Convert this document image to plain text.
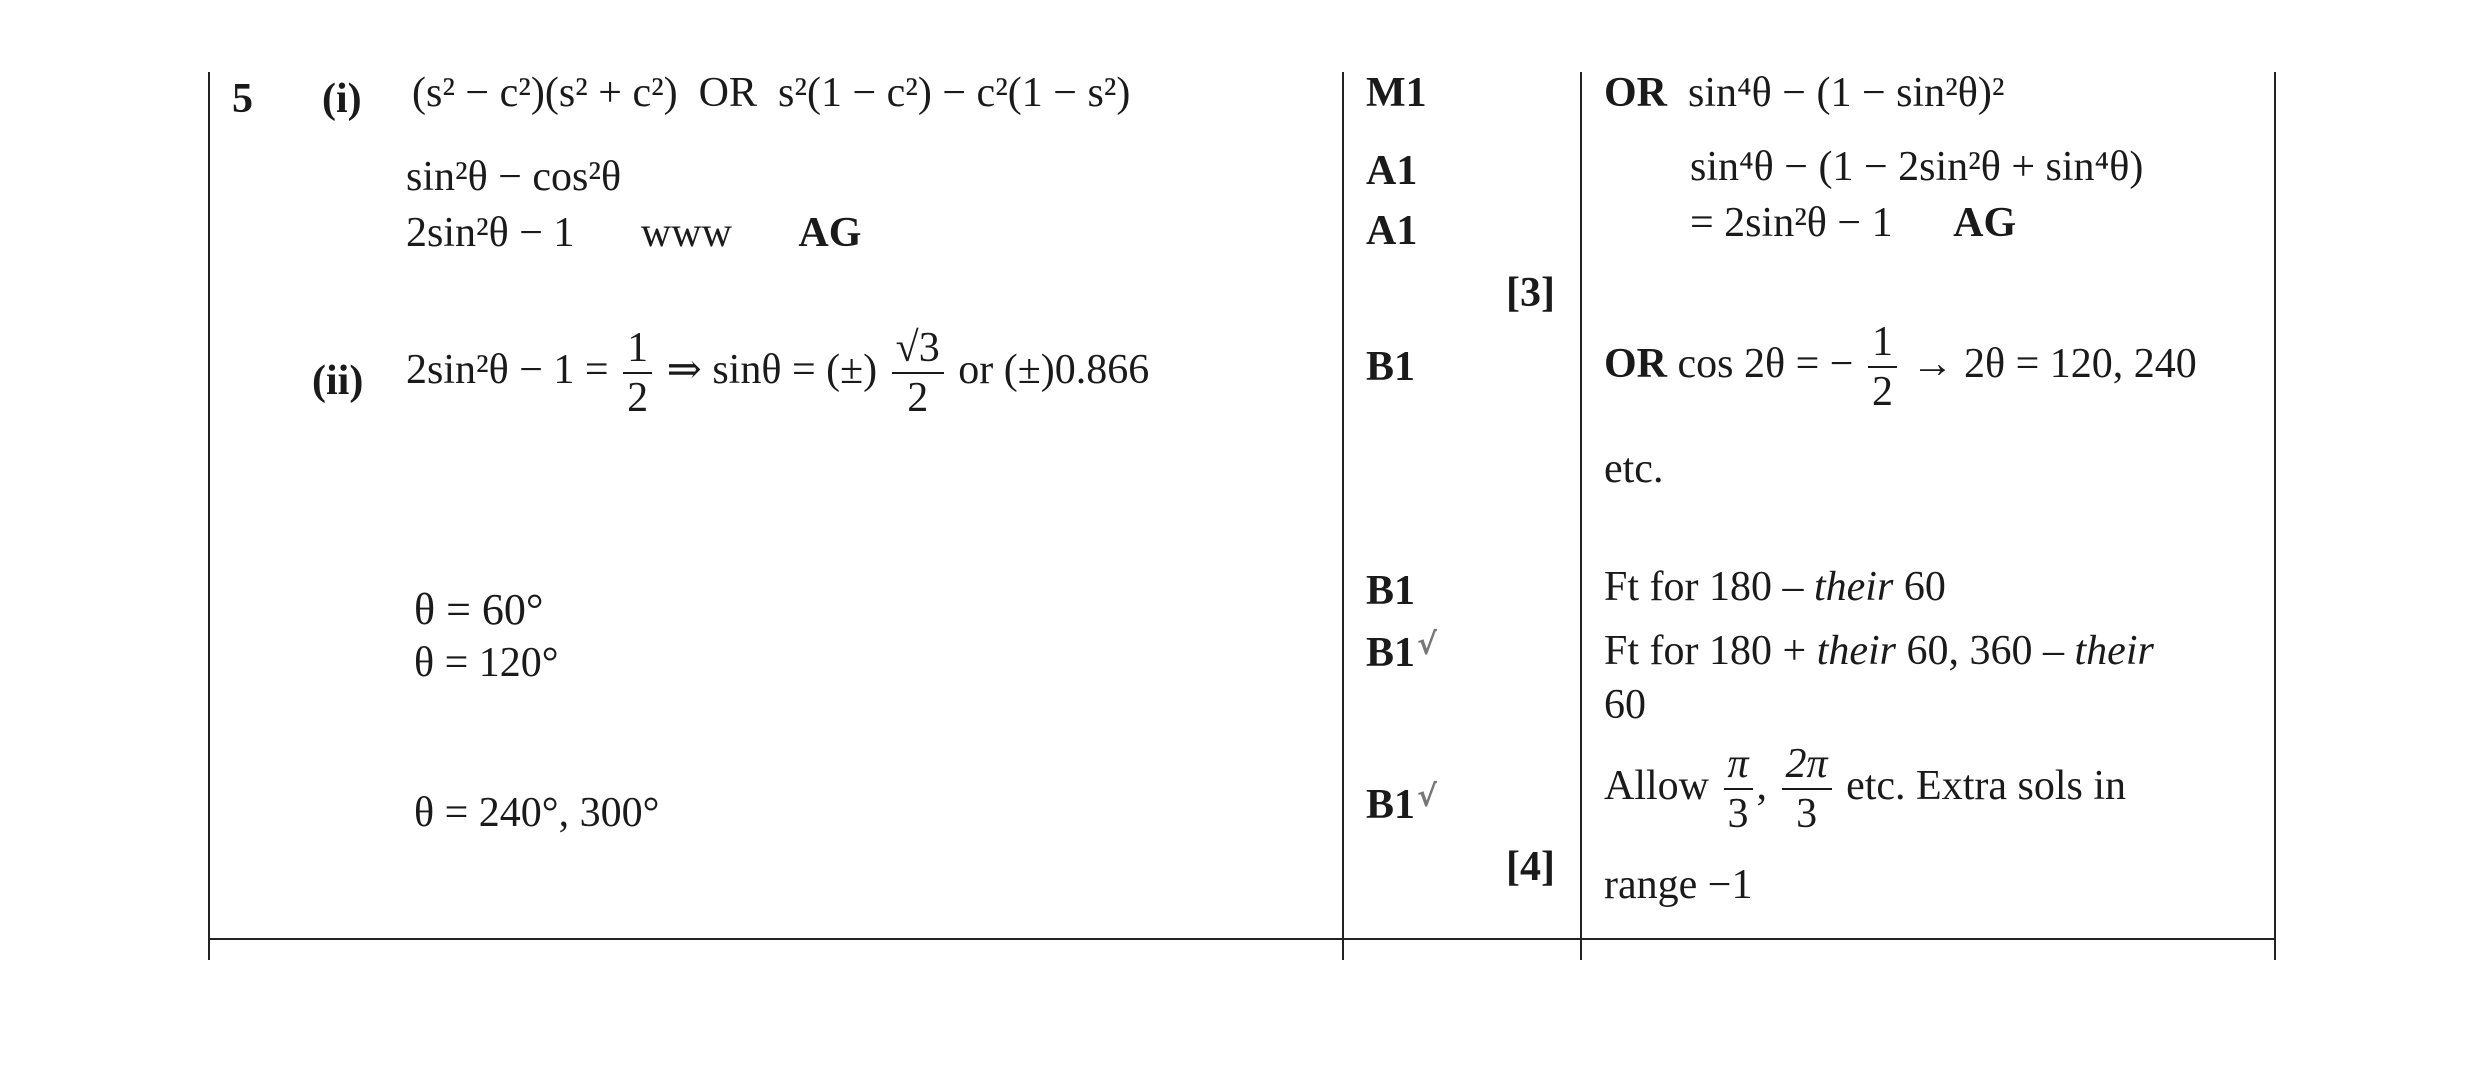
5 (i) (s² − c²)(s² + c²) OR s²(1 − c²) − c²(1 − s²)
sin²θ − cos²θ
2sin²θ − 1 www AG
M1
A1
A1
[3]
OR sin⁴θ − (1 − sin²θ)²
sin⁴θ − (1 − 2sin²θ + sin⁴θ)
= 2sin²θ − 1 AG
(ii) $2\sin^2\theta - 1 = \frac{1}{2}$ ⇒ sinθ = (±) $\frac{√3}{2}$ or (±)0.866
θ = 60°
θ = 120°
θ = 240°, 300°
B1
B1
B1√
B1√
[4]
OR cos 2θ = − $\frac{1}{2} \to 2\theta = 120$, 240
etc.
Ft for 180 – their 60
Ft for 180 + their 60, 360 – their
60
Allow $\frac{\pi}{3}$ , $\frac{2\pi}{3}$ etc. Extra sols in
range −1
